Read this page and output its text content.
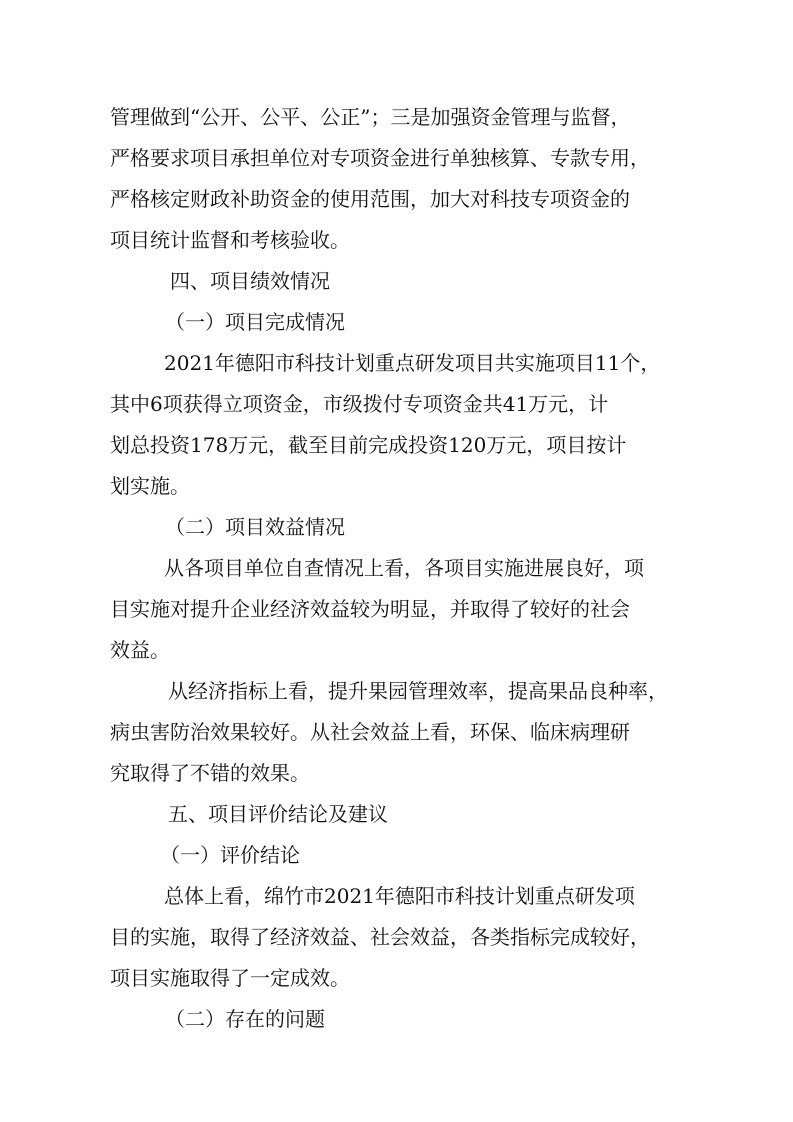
管理做到“公开、公平、公正”；三是加强资金管理与监督，
严格要求项目承担单位对专项资金进行单独核算、专款专用，
严格核定财政补助资金的使用范围，加大对科技专项资金的
项目统计监督和考核验收。
四、项目绩效情况
（一）项目完成情况
2021年德阳市科技计划重点研发项目共实施项目11个，
其中6项获得立项资金，市级拨付专项资金共41万元，计
划总投资178万元，截至目前完成投资120万元，项目按计
划实施。
（二）项目效益情况
从各项目单位自查情况上看，各项目实施进展良好，项
目实施对提升企业经济效益较为明显，并取得了较好的社会
效益。
从经济指标上看，提升果园管理效率，提高果品良种率，
病虫害防治效果较好。从社会效益上看，环保、临床病理研
究取得了不错的效果。
五、项目评价结论及建议
（一）评价结论
总体上看，绵竹市2021年德阳市科技计划重点研发项
目的实施，取得了经济效益、社会效益，各类指标完成较好，
项目实施取得了一定成效。
（二）存在的问题
